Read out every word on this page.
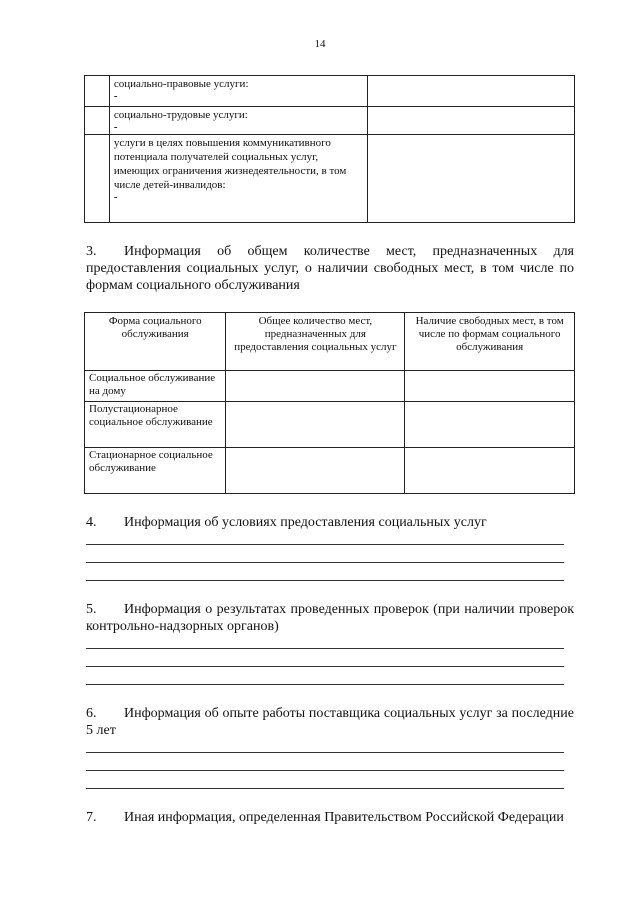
14
	социально-правовые услуги:
-	

	социально-трудовые услуги:
-	

	услуги в целях повышения коммуникативного потенциала получателей социальных услуг, имеющих ограничения жизнедеятельности, в том числе детей-инвалидов:
-	

3. Информация об общем количестве мест, предназначенных для предоставления социальных услуг, о наличии свободных мест, в том числе по формам социального обслуживания
Форма социального обслуживания	Общее количество мест, предназначенных для предоставления социальных услуг	Наличие свободных мест, в том числе по формам социального обслуживания
Социальное обслуживание на дому		
Полустационарное социальное обслуживание		
Стационарное социальное обслуживание		
4. Информация об условиях предоставления социальных услуг
5. Информация о результатах проведенных проверок (при наличии проверок контрольно-надзорных органов)
6. Информация об опыте работы поставщика социальных услуг за последние 5 лет
7. Иная информация, определенная Правительством Российской Федерации
